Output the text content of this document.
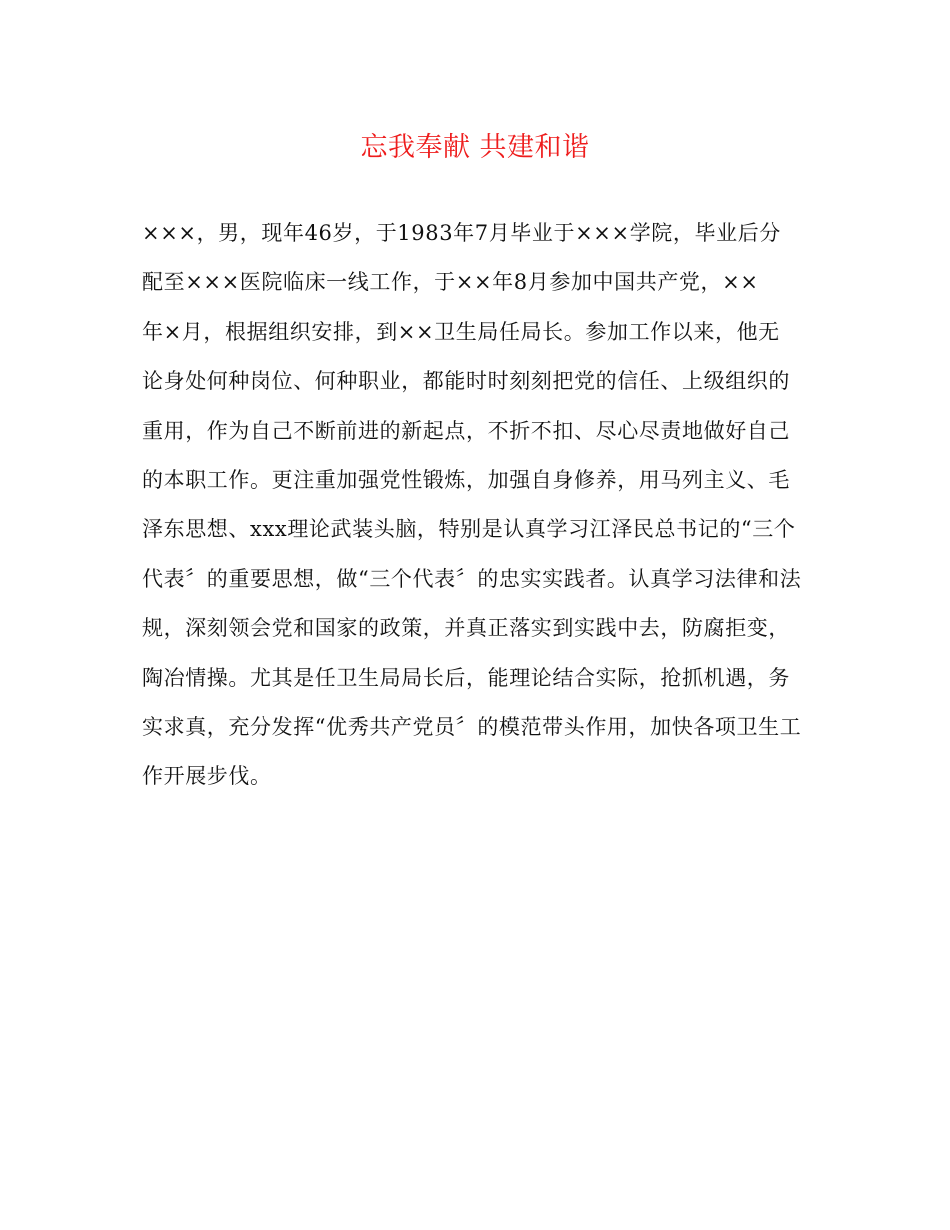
忘我奉献 共建和谐
×××，男，现年46岁，于1983年7月毕业于×××学院，毕业后分
配至×××医院临床一线工作，于××年8月参加中国共产党，××
年×月，根据组织安排，到××卫生局任局长。参加工作以来，他无
论身处何种岗位、何种职业，都能时时刻刻把党的信任、上级组织的
重用，作为自己不断前进的新起点，不折不扣、尽心尽责地做好自己
的本职工作。更注重加强党性锻炼，加强自身修养，用马列主义、毛
泽东思想、xxx理论武装头脑，特别是认真学习江泽民总书记的“三个
代表〞的重要思想，做“三个代表〞的忠实实践者。认真学习法律和法
规，深刻领会党和国家的政策，并真正落实到实践中去，防腐拒变，
陶冶情操。尤其是任卫生局局长后，能理论结合实际，抢抓机遇，务
实求真，充分发挥“优秀共产党员〞的模范带头作用，加快各项卫生工
作开展步伐。
